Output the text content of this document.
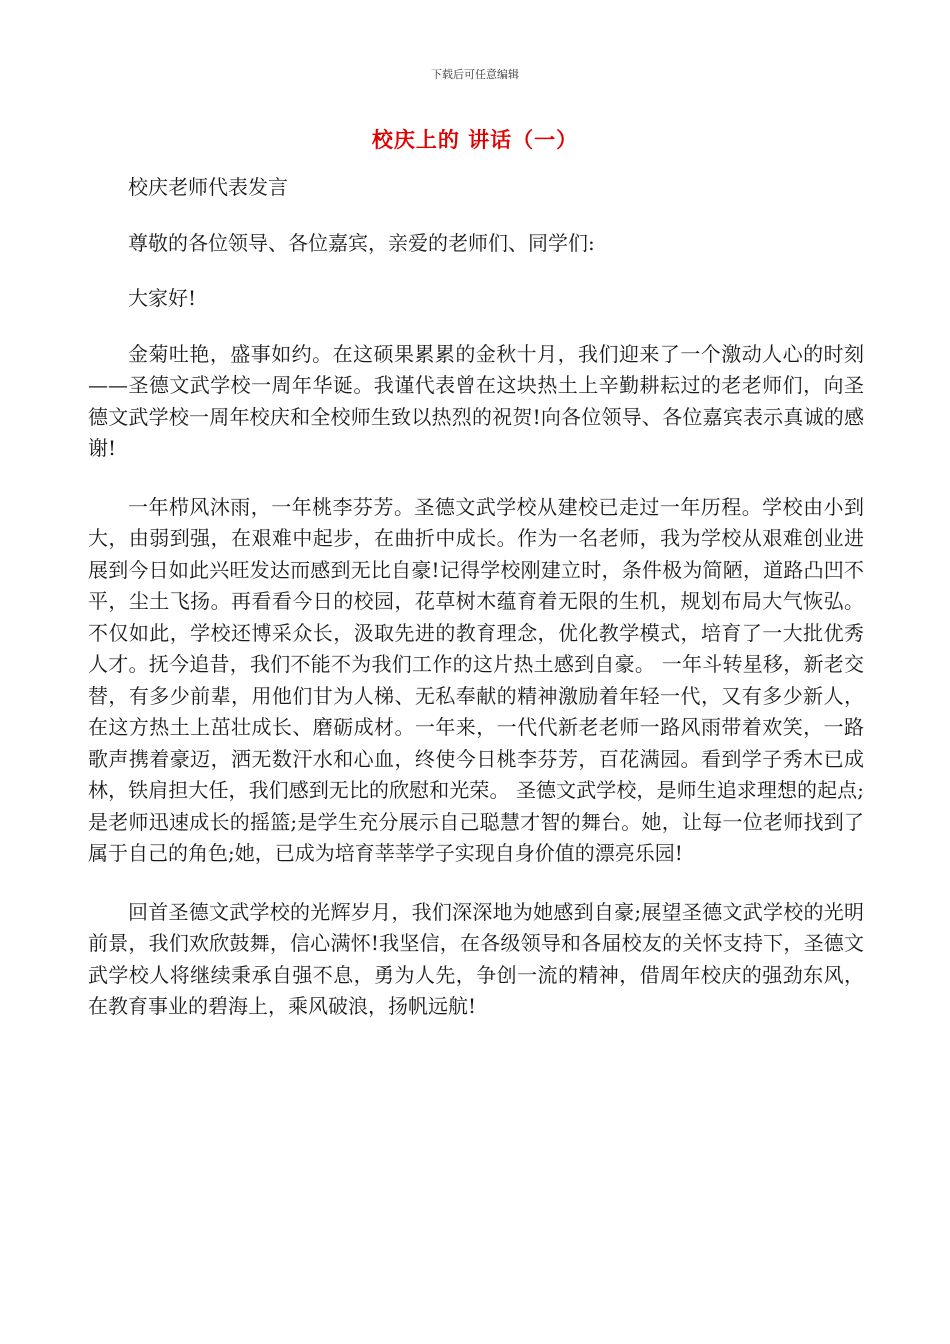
下载后可任意编辑
校庆上的 讲话（一）

校庆老师代表发言

尊敬的各位领导、各位嘉宾，亲爱的老师们、同学们:

大家好!

金菊吐艳，盛事如约。在这硕果累累的金秋十月，我们迎来了一个激动人心的时刻——圣德文武学校一周年华诞。我谨代表曾在这块热土上辛勤耕耘过的老老师们，向圣德文武学校一周年校庆和全校师生致以热烈的祝贺!向各位领导、各位嘉宾表示真诚的感谢!

一年栉风沐雨，一年桃李芬芳。圣德文武学校从建校已走过一年历程。学校由小到大，由弱到强，在艰难中起步，在曲折中成长。作为一名老师，我为学校从艰难创业进展到今日如此兴旺发达而感到无比自豪!记得学校刚建立时，条件极为简陋，道路凸凹不平，尘土飞扬。再看看今日的校园，花草树木蕴育着无限的生机，规划布局大气恢弘。不仅如此，学校还博采众长，汲取先进的教育理念，优化教学模式，培育了一大批优秀人才。抚今追昔，我们不能不为我们工作的这片热土感到自豪。 一年斗转星移，新老交替，有多少前辈，用他们甘为人梯、无私奉献的精神激励着年轻一代，又有多少新人，在这方热土上茁壮成长、磨砺成材。一年来，一代代新老老师一路风雨带着欢笑，一路歌声携着豪迈，洒无数汗水和心血，终使今日桃李芬芳，百花满园。看到学子秀木已成林，铁肩担大任，我们感到无比的欣慰和光荣。 圣德文武学校，是师生追求理想的起点;是老师迅速成长的摇篮;是学生充分展示自己聪慧才智的舞台。她，让每一位老师找到了属于自己的角色;她，已成为培育莘莘学子实现自身价值的漂亮乐园!

回首圣德文武学校的光辉岁月，我们深深地为她感到自豪;展望圣德文武学校的光明前景，我们欢欣鼓舞，信心满怀!我坚信，在各级领导和各届校友的关怀支持下，圣德文武学校人将继续秉承自强不息，勇为人先，争创一流的精神，借周年校庆的强劲东风，在教育事业的碧海上，乘风破浪，扬帆远航!
